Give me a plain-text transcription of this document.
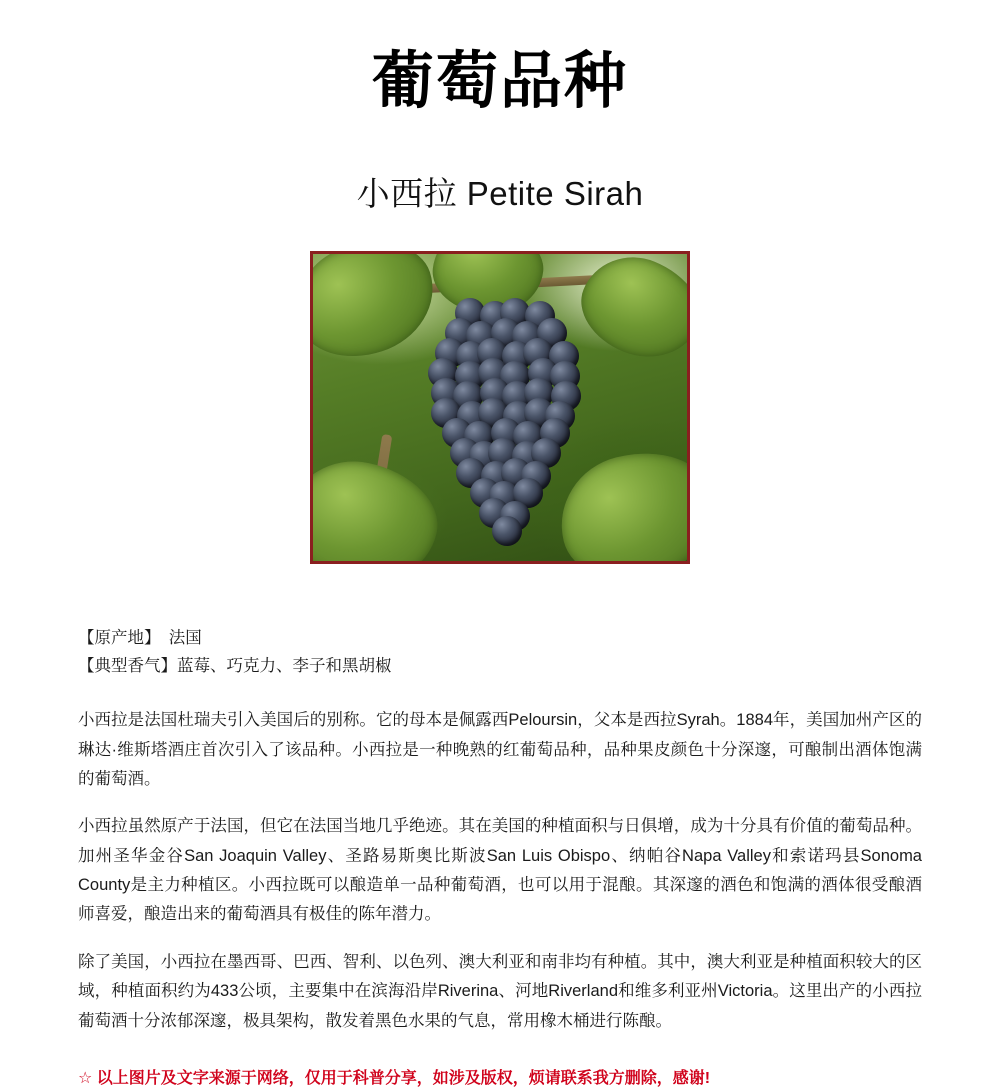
葡萄品种
小西拉 Petite Sirah
【原产地】　法国
【典型香气】蓝莓、巧克力、李子和黑胡椒

小西拉是法国杜瑞夫引入美国后的别称。它的母本是佩露西Peloursin，父本是西拉Syrah。1884年，美国加州产区的琳达·维斯塔酒庄首次引入了该品种。小西拉是一种晚熟的红葡萄品种，品种果皮颜色十分深邃，可酿制出酒体饱满的葡萄酒。

小西拉虽然原产于法国，但它在法国当地几乎绝迹。其在美国的种植面积与日俱增，成为十分具有价值的葡萄品种。加州圣华金谷San Joaquin Valley、圣路易斯奥比斯波San Luis Obispo、纳帕谷Napa Valley和索诺玛县Sonoma County是主力种植区。小西拉既可以酿造单一品种葡萄酒，也可以用于混酿。其深邃的酒色和饱满的酒体很受酿酒师喜爱，酿造出来的葡萄酒具有极佳的陈年潜力。

除了美国，小西拉在墨西哥、巴西、智利、以色列、澳大利亚和南非均有种植。其中，澳大利亚是种植面积较大的区域，种植面积约为433公顷，主要集中在滨海沿岸Riverina、河地Riverland和维多利亚州Victoria。这里出产的小西拉葡萄酒十分浓郁深邃，极具架构，散发着黑色水果的气息，常用橡木桶进行陈酿。

☆ 以上图片及文字来源于网络，仅用于科普分享，如涉及版权，烦请联系我方删除，感谢!
